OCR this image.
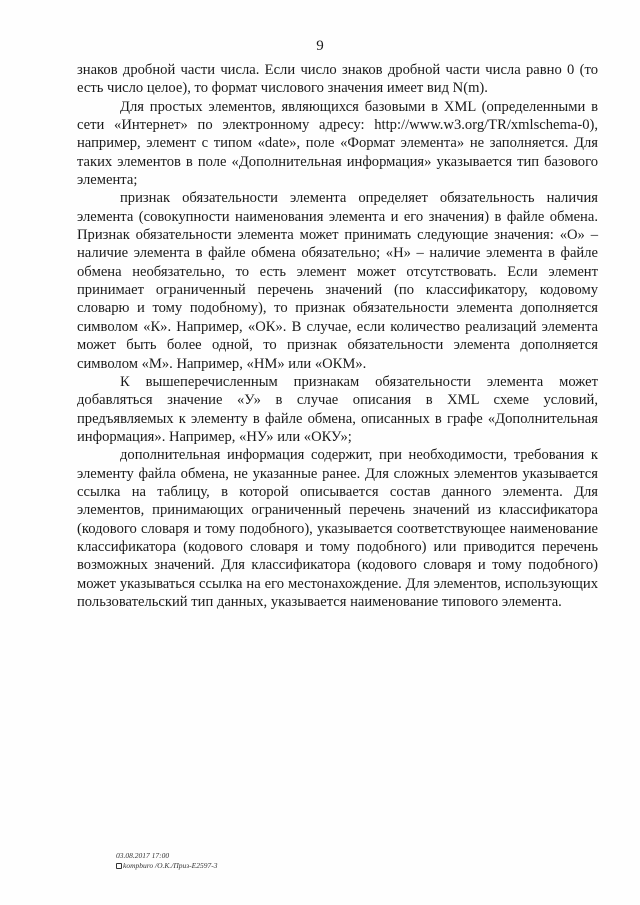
9

знаков дробной части числа. Если число знаков дробной части числа равно 0 (то есть число целое), то формат числового значения имеет вид N(m).

Для простых элементов, являющихся базовыми в XML (определенными в сети «Интернет» по электронному адресу: http://www.w3.org/TR/xmlschema-0), например, элемент с типом «date», поле «Формат элемента» не заполняется. Для таких элементов в поле «Дополнительная информация» указывается тип базового элемента;

признак обязательности элемента определяет обязательность наличия элемента (совокупности наименования элемента и его значения) в файле обмена. Признак обязательности элемента может принимать следующие значения: «О» – наличие элемента в файле обмена обязательно; «Н» – наличие элемента в файле обмена необязательно, то есть элемент может отсутствовать. Если элемент принимает ограниченный перечень значений (по классификатору, кодовому словарю и тому подобному), то признак обязательности элемента дополняется символом «К». Например, «ОК». В случае, если количество реализаций элемента может быть более одной, то признак обязательности элемента дополняется символом «М». Например, «НМ» или «ОКМ».

К вышеперечисленным признакам обязательности элемента может добавляться значение «У» в случае описания в XML схеме условий, предъявляемых к элементу в файле обмена, описанных в графе «Дополнительная информация». Например, «НУ» или «ОКУ»;

дополнительная информация содержит, при необходимости, требования к элементу файла обмена, не указанные ранее. Для сложных элементов указывается ссылка на таблицу, в которой описывается состав данного элемента. Для элементов, принимающих ограниченный перечень значений из классификатора (кодового словаря и тому подобного), указывается соответствующее наименование классификатора (кодового словаря и тому подобного) или приводится перечень возможных значений. Для классификатора (кодового словаря и тому подобного) может указываться ссылка на его местонахождение. Для элементов, использующих пользовательский тип данных, указывается наименование типового элемента.

03.08.2017 17:00
kompburo /О.К./Приз-E2597-3
